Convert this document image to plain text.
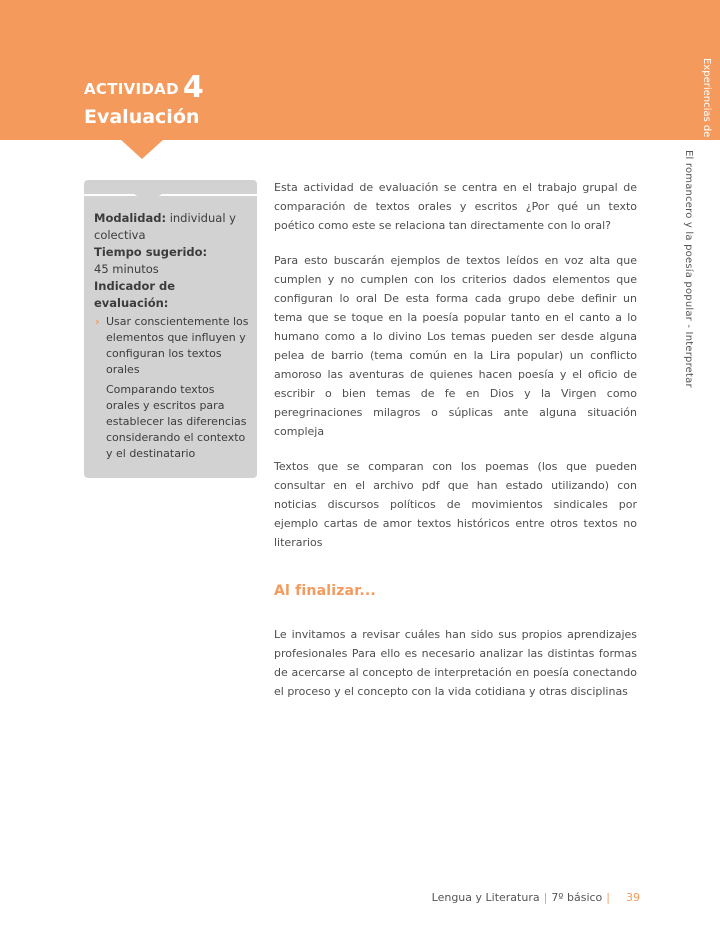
ACTIVIDAD 4
Evaluación	Experiencias de aprendizaje
El romancero y la poesía popular - Interpretar

Modalidad: individual y colectiva

Tiempo sugerido:

45 minutos

Indicador de evaluación:

› Usar conscientemente los elementos que influyen y configuran los textos orales
Comparando textos orales y escritos para establecer las diferencias considerando el contexto y el destinatario

Esta actividad de evaluación se centra en el trabajo grupal de comparación de textos orales y escritos ¿Por qué un texto poético como este se relaciona tan directamente con lo oral?

Para esto buscarán ejemplos de textos leídos en voz alta que cumplen y no cumplen con los criterios dados elementos que configuran lo oral De esta forma cada grupo debe definir un tema que se toque en la poesía popular tanto en el canto a lo humano como a lo divino Los temas pueden ser desde alguna pelea de barrio (tema común en la Lira popular) un conflicto amoroso las aventuras de quienes hacen poesía y el oficio de escribir o bien temas de fe en Dios y la Virgen como peregrinaciones milagros o súplicas ante alguna situación compleja

Textos que se comparan con los poemas (los que pueden consultar en el archivo pdf que han estado utilizando) con noticias discursos políticos de movimientos sindicales por ejemplo cartas de amor textos históricos entre otros textos no literarios

Al finalizar...

Le invitamos a revisar cuáles han sido sus propios aprendizajes profesionales Para ello es necesario analizar las distintas formas de acercarse al concepto de interpretación en poesía conectando el proceso y el concepto con la vida cotidiana y otras disciplinas

Lengua y Literatura | 7º básico | 39
